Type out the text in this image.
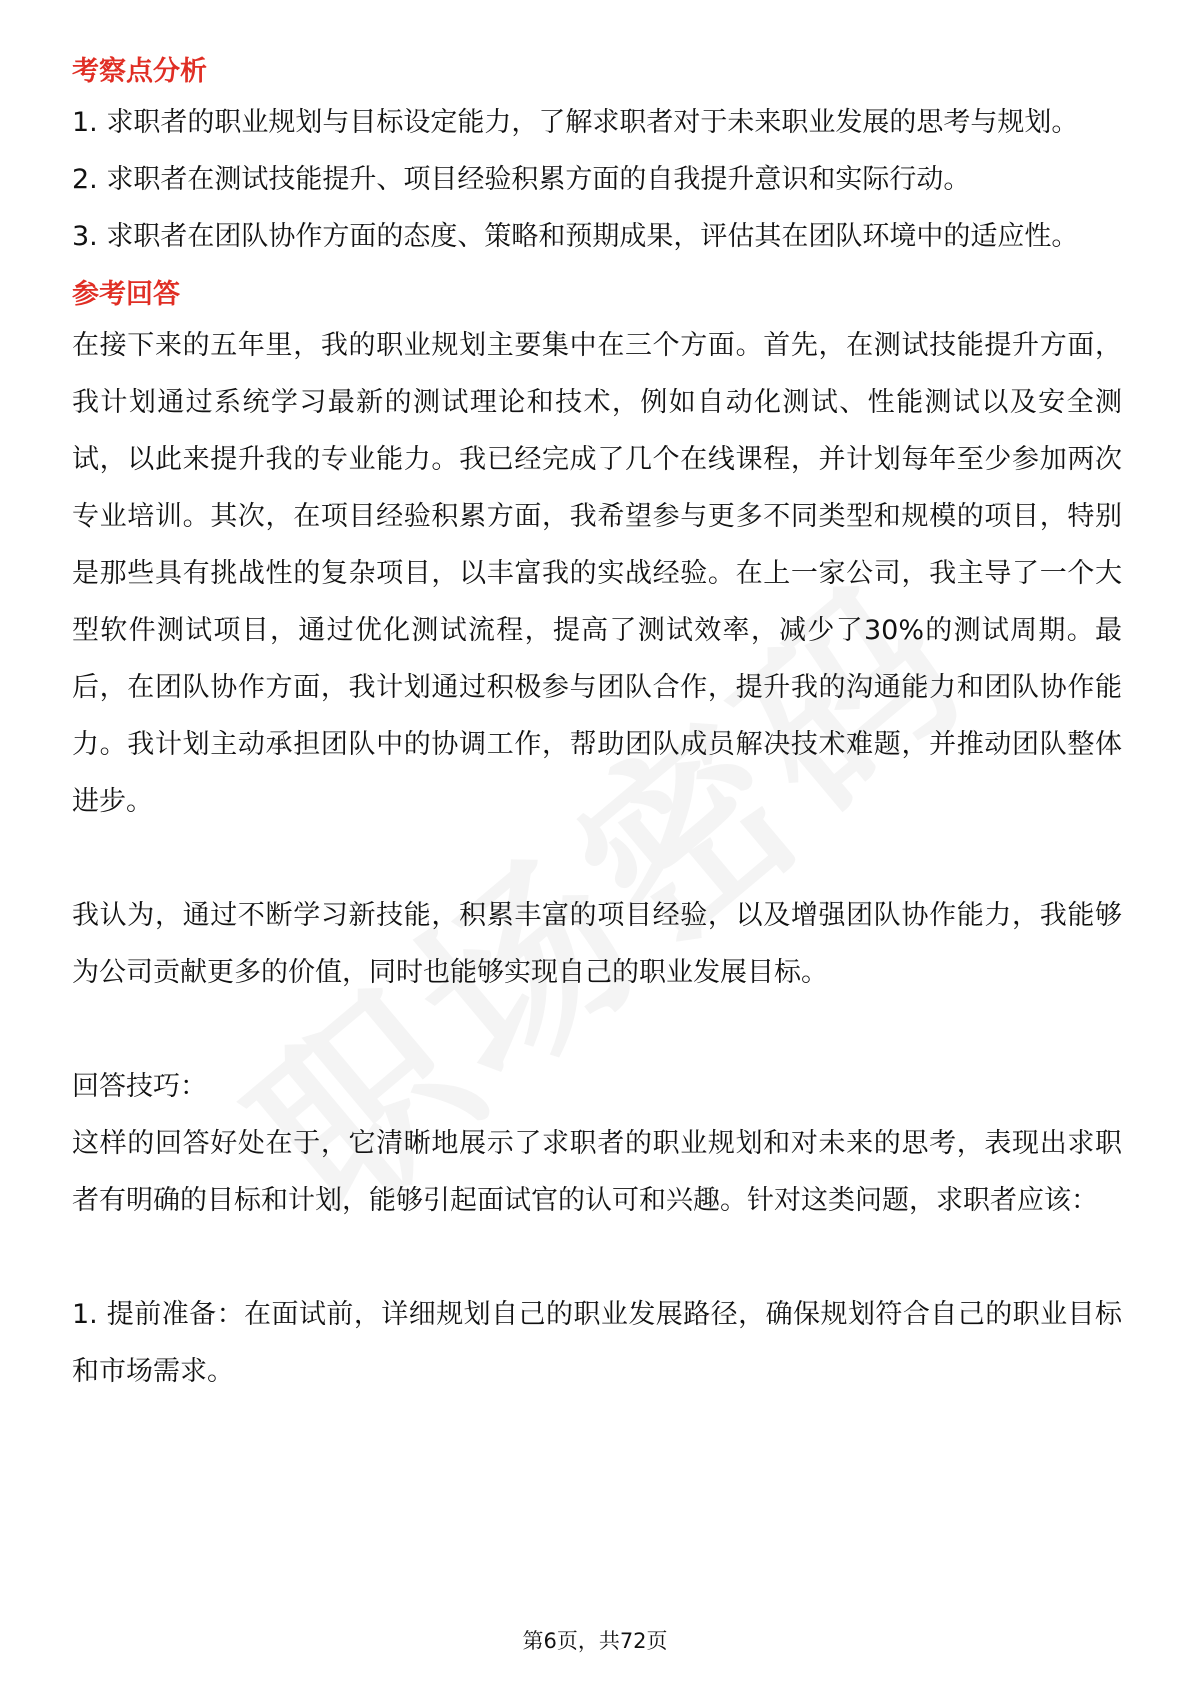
考察点分析

1. 求职者的职业规划与目标设定能力，了解求职者对于未来职业发展的思考与规划。

2. 求职者在测试技能提升、项目经验积累方面的自我提升意识和实际行动。

3. 求职者在团队协作方面的态度、策略和预期成果，评估其在团队环境中的适应性。

参考回答

在接下来的五年里，我的职业规划主要集中在三个方面。首先，在测试技能提升方面，我计划通过系统学习最新的测试理论和技术，例如自动化测试、性能测试以及安全测试，以此来提升我的专业能力。我已经完成了几个在线课程，并计划每年至少参加两次专业培训。其次，在项目经验积累方面，我希望参与更多不同类型和规模的项目，特别是那些具有挑战性的复杂项目，以丰富我的实战经验。在上一家公司，我主导了一个大型软件测试项目，通过优化测试流程，提高了测试效率，减少了30%的测试周期。最后，在团队协作方面，我计划通过积极参与团队合作，提升我的沟通能力和团队协作能力。我计划主动承担团队中的协调工作，帮助团队成员解决技术难题，并推动团队整体进步。

我认为，通过不断学习新技能，积累丰富的项目经验，以及增强团队协作能力，我能够为公司贡献更多的价值，同时也能够实现自己的职业发展目标。

回答技巧：

这样的回答好处在于，它清晰地展示了求职者的职业规划和对未来的思考，表现出求职者有明确的目标和计划，能够引起面试官的认可和兴趣。针对这类问题，求职者应该：

1. 提前准备：在面试前，详细规划自己的职业发展路径，确保规划符合自己的职业目标和市场需求。

第6页，共72页
